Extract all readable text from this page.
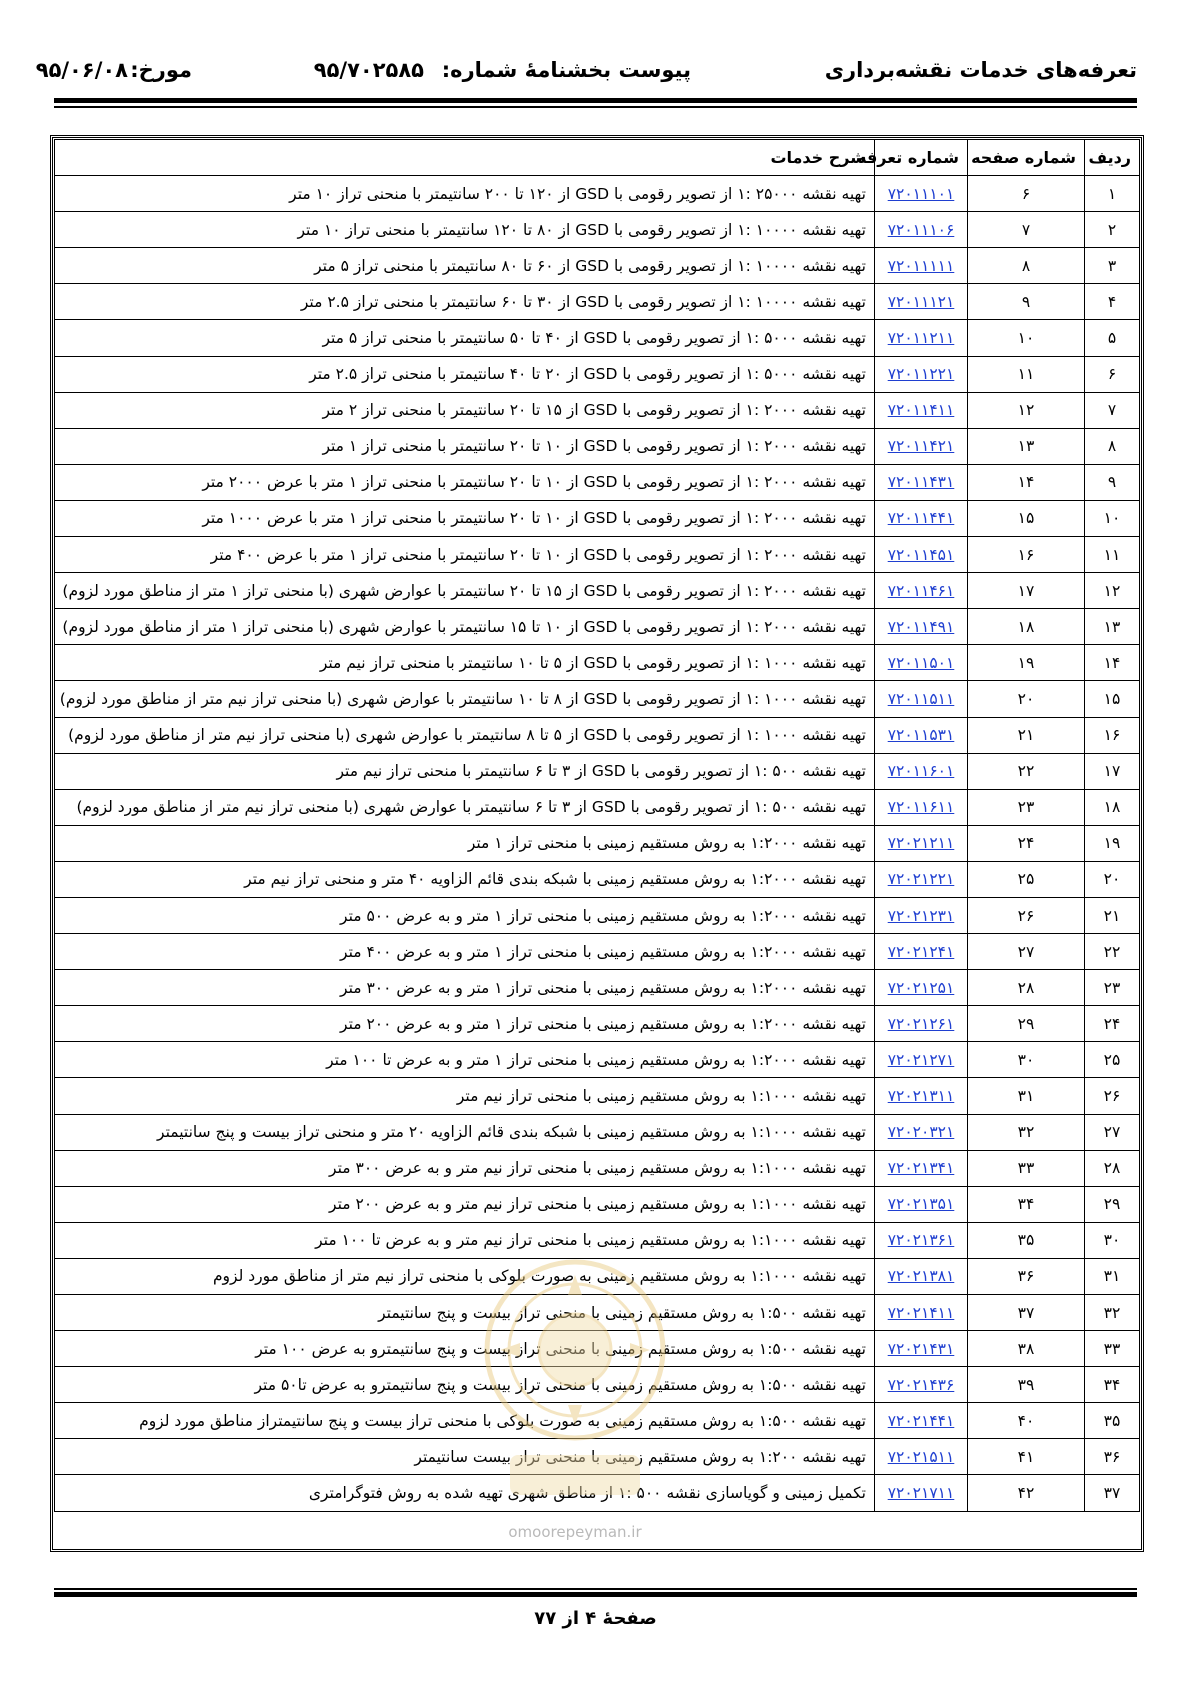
تعرفه‌های خدمات نقشه‌برداری
پیوست بخشنامهٔ شماره:
۹۵/۷۰۲۵۸۵
مورخ:
۹۵/۰۶/۰۸
ردیف	شماره صفحه	شماره تعرفه	شرح خدمات
۱	۶	۷۲۰۱۱۱۰۱	تهیه نقشه ۲۵۰۰۰ :۱ از تصویر رقومی با GSD از ۱۲۰ تا ۲۰۰ سانتیمتر با منحنی تراز ۱۰ متر
۲	۷	۷۲۰۱۱۱۰۶	تهیه نقشه ۱۰۰۰۰ :۱ از تصویر رقومی با GSD از ۸۰ تا ۱۲۰ سانتیمتر با منحنی تراز ۱۰ متر
۳	۸	۷۲۰۱۱۱۱۱	تهیه نقشه ۱۰۰۰۰ :۱ از تصویر رقومی با GSD از ۶۰ تا ۸۰ سانتیمتر با منحنی تراز ۵ متر
۴	۹	۷۲۰۱۱۱۲۱	تهیه نقشه ۱۰۰۰۰ :۱ از تصویر رقومی با GSD از ۳۰ تا ۶۰ سانتیمتر با منحنی تراز ۲.۵ متر
۵	۱۰	۷۲۰۱۱۲۱۱	تهیه نقشه ۵۰۰۰ :۱ از تصویر رقومی با GSD از ۴۰ تا ۵۰ سانتیمتر با منحنی تراز ۵ متر
۶	۱۱	۷۲۰۱۱۲۲۱	تهیه نقشه ۵۰۰۰ :۱ از تصویر رقومی با GSD از ۲۰ تا ۴۰ سانتیمتر با منحنی تراز ۲.۵ متر
۷	۱۲	۷۲۰۱۱۴۱۱	تهیه نقشه ۲۰۰۰ :۱ از تصویر رقومی با GSD از ۱۵ تا ۲۰ سانتیمتر با منحنی تراز ۲ متر
۸	۱۳	۷۲۰۱۱۴۲۱	تهیه نقشه ۲۰۰۰ :۱ از تصویر رقومی با GSD از ۱۰ تا ۲۰ سانتیمتر با منحنی تراز ۱ متر
۹	۱۴	۷۲۰۱۱۴۳۱	تهیه نقشه ۲۰۰۰ :۱ از تصویر رقومی با GSD از ۱۰ تا ۲۰ سانتیمتر با منحنی تراز ۱ متر با عرض ۲۰۰۰ متر
۱۰	۱۵	۷۲۰۱۱۴۴۱	تهیه نقشه ۲۰۰۰ :۱ از تصویر رقومی با GSD از ۱۰ تا ۲۰ سانتیمتر با منحنی تراز ۱ متر با عرض ۱۰۰۰ متر
۱۱	۱۶	۷۲۰۱۱۴۵۱	تهیه نقشه ۲۰۰۰ :۱ از تصویر رقومی با GSD از ۱۰ تا ۲۰ سانتیمتر با منحنی تراز ۱ متر با عرض ۴۰۰ متر
۱۲	۱۷	۷۲۰۱۱۴۶۱	تهیه نقشه ۲۰۰۰ :۱ از تصویر رقومی با GSD از ۱۵ تا ۲۰ سانتیمتر با عوارض شهری (با منحنی تراز ۱ متر از مناطق مورد لزوم)
۱۳	۱۸	۷۲۰۱۱۴۹۱	تهیه نقشه ۲۰۰۰ :۱ از تصویر رقومی با GSD از ۱۰ تا ۱۵ سانتیمتر با عوارض شهری (با منحنی تراز ۱ متر از مناطق مورد لزوم)
۱۴	۱۹	۷۲۰۱۱۵۰۱	تهیه نقشه ۱۰۰۰ :۱ از تصویر رقومی با GSD از ۵ تا ۱۰ سانتیمتر با منحنی تراز نیم متر
۱۵	۲۰	۷۲۰۱۱۵۱۱	تهیه نقشه ۱۰۰۰ :۱ از تصویر رقومی با GSD از ۸ تا ۱۰ سانتیمتر با عوارض شهری (با منحنی تراز نیم متر از مناطق مورد لزوم)
۱۶	۲۱	۷۲۰۱۱۵۳۱	تهیه نقشه ۱۰۰۰ :۱ از تصویر رقومی با GSD از ۵ تا ۸ سانتیمتر با عوارض شهری (با منحنی تراز نیم متر از مناطق مورد لزوم)
۱۷	۲۲	۷۲۰۱۱۶۰۱	تهیه نقشه ۵۰۰ :۱ از تصویر رقومی با GSD از ۳ تا ۶ سانتیمتر با منحنی تراز نیم متر
۱۸	۲۳	۷۲۰۱۱۶۱۱	تهیه نقشه ۵۰۰ :۱ از تصویر رقومی با GSD از ۳ تا ۶ سانتیمتر با عوارض شهری (با منحنی تراز نیم متر از مناطق مورد لزوم)
۱۹	۲۴	۷۲۰۲۱۲۱۱	تهیه نقشه ۱:۲۰۰۰ به روش مستقیم زمینی با منحنی تراز ۱ متر
۲۰	۲۵	۷۲۰۲۱۲۲۱	تهیه نقشه ۱:۲۰۰۰ به روش مستقیم زمینی با شبکه بندی قائم الزاویه ۴۰ متر و منحنی تراز نیم متر
۲۱	۲۶	۷۲۰۲۱۲۳۱	تهیه نقشه ۱:۲۰۰۰ به روش مستقیم زمینی با منحنی تراز ۱ متر و به عرض ۵۰۰ متر
۲۲	۲۷	۷۲۰۲۱۲۴۱	تهیه نقشه ۱:۲۰۰۰ به روش مستقیم زمینی با منحنی تراز ۱ متر و به عرض ۴۰۰ متر
۲۳	۲۸	۷۲۰۲۱۲۵۱	تهیه نقشه ۱:۲۰۰۰ به روش مستقیم زمینی با منحنی تراز ۱ متر و به عرض ۳۰۰ متر
۲۴	۲۹	۷۲۰۲۱۲۶۱	تهیه نقشه ۱:۲۰۰۰ به روش مستقیم زمینی با منحنی تراز ۱ متر و به عرض ۲۰۰ متر
۲۵	۳۰	۷۲۰۲۱۲۷۱	تهیه نقشه ۱:۲۰۰۰ به روش مستقیم زمینی با منحنی تراز ۱ متر و به عرض تا ۱۰۰ متر
۲۶	۳۱	۷۲۰۲۱۳۱۱	تهیه نقشه ۱:۱۰۰۰ به روش مستقیم زمینی با منحنی تراز نیم متر
۲۷	۳۲	۷۲۰۲۰۳۲۱	تهیه نقشه ۱:۱۰۰۰ به روش مستقیم زمینی با شبکه بندی قائم الزاویه ۲۰ متر و منحنی تراز بیست و پنج سانتیمتر
۲۸	۳۳	۷۲۰۲۱۳۴۱	تهیه نقشه ۱:۱۰۰۰ به روش مستقیم زمینی با منحنی تراز نیم متر و به عرض ۳۰۰ متر
۲۹	۳۴	۷۲۰۲۱۳۵۱	تهیه نقشه ۱:۱۰۰۰ به روش مستقیم زمینی با منحنی تراز نیم متر و به عرض ۲۰۰ متر
۳۰	۳۵	۷۲۰۲۱۳۶۱	تهیه نقشه ۱:۱۰۰۰ به روش مستقیم زمینی با منحنی تراز نیم متر و به عرض تا ۱۰۰ متر
۳۱	۳۶	۷۲۰۲۱۳۸۱	تهیه نقشه ۱:۱۰۰۰ به روش مستقیم زمینی به صورت بلوکی با منحنی تراز نیم متر از مناطق مورد لزوم
۳۲	۳۷	۷۲۰۲۱۴۱۱	تهیه نقشه ۱:۵۰۰ به روش مستقیم زمینی با منحنی تراز بیست و پنج سانتیمتر
۳۳	۳۸	۷۲۰۲۱۴۳۱	تهیه نقشه ۱:۵۰۰ به روش مستقیم زمینی با منحنی تراز بیست و پنج سانتیمترو به عرض ۱۰۰ متر
۳۴	۳۹	۷۲۰۲۱۴۳۶	تهیه نقشه ۱:۵۰۰ به روش مستقیم زمینی با منحنی تراز بیست و پنج سانتیمترو به عرض تا۵۰ متر
۳۵	۴۰	۷۲۰۲۱۴۴۱	تهیه نقشه ۱:۵۰۰ به روش مستقیم زمینی به صورت بلوکی با منحنی تراز بیست و پنج سانتیمتراز مناطق مورد لزوم
۳۶	۴۱	۷۲۰۲۱۵۱۱	تهیه نقشه ۱:۲۰۰ به روش مستقیم زمینی با منحنی تراز بیست سانتیمتر
۳۷	۴۲	۷۲۰۲۱۷۱۱	تکمیل زمینی و گویاسازی نقشه ۵۰۰ :۱ از مناطق شهری تهیه شده به روش فتوگرامتری
omoorepeyman.ir
صفحهٔ ۴ از ۷۷
